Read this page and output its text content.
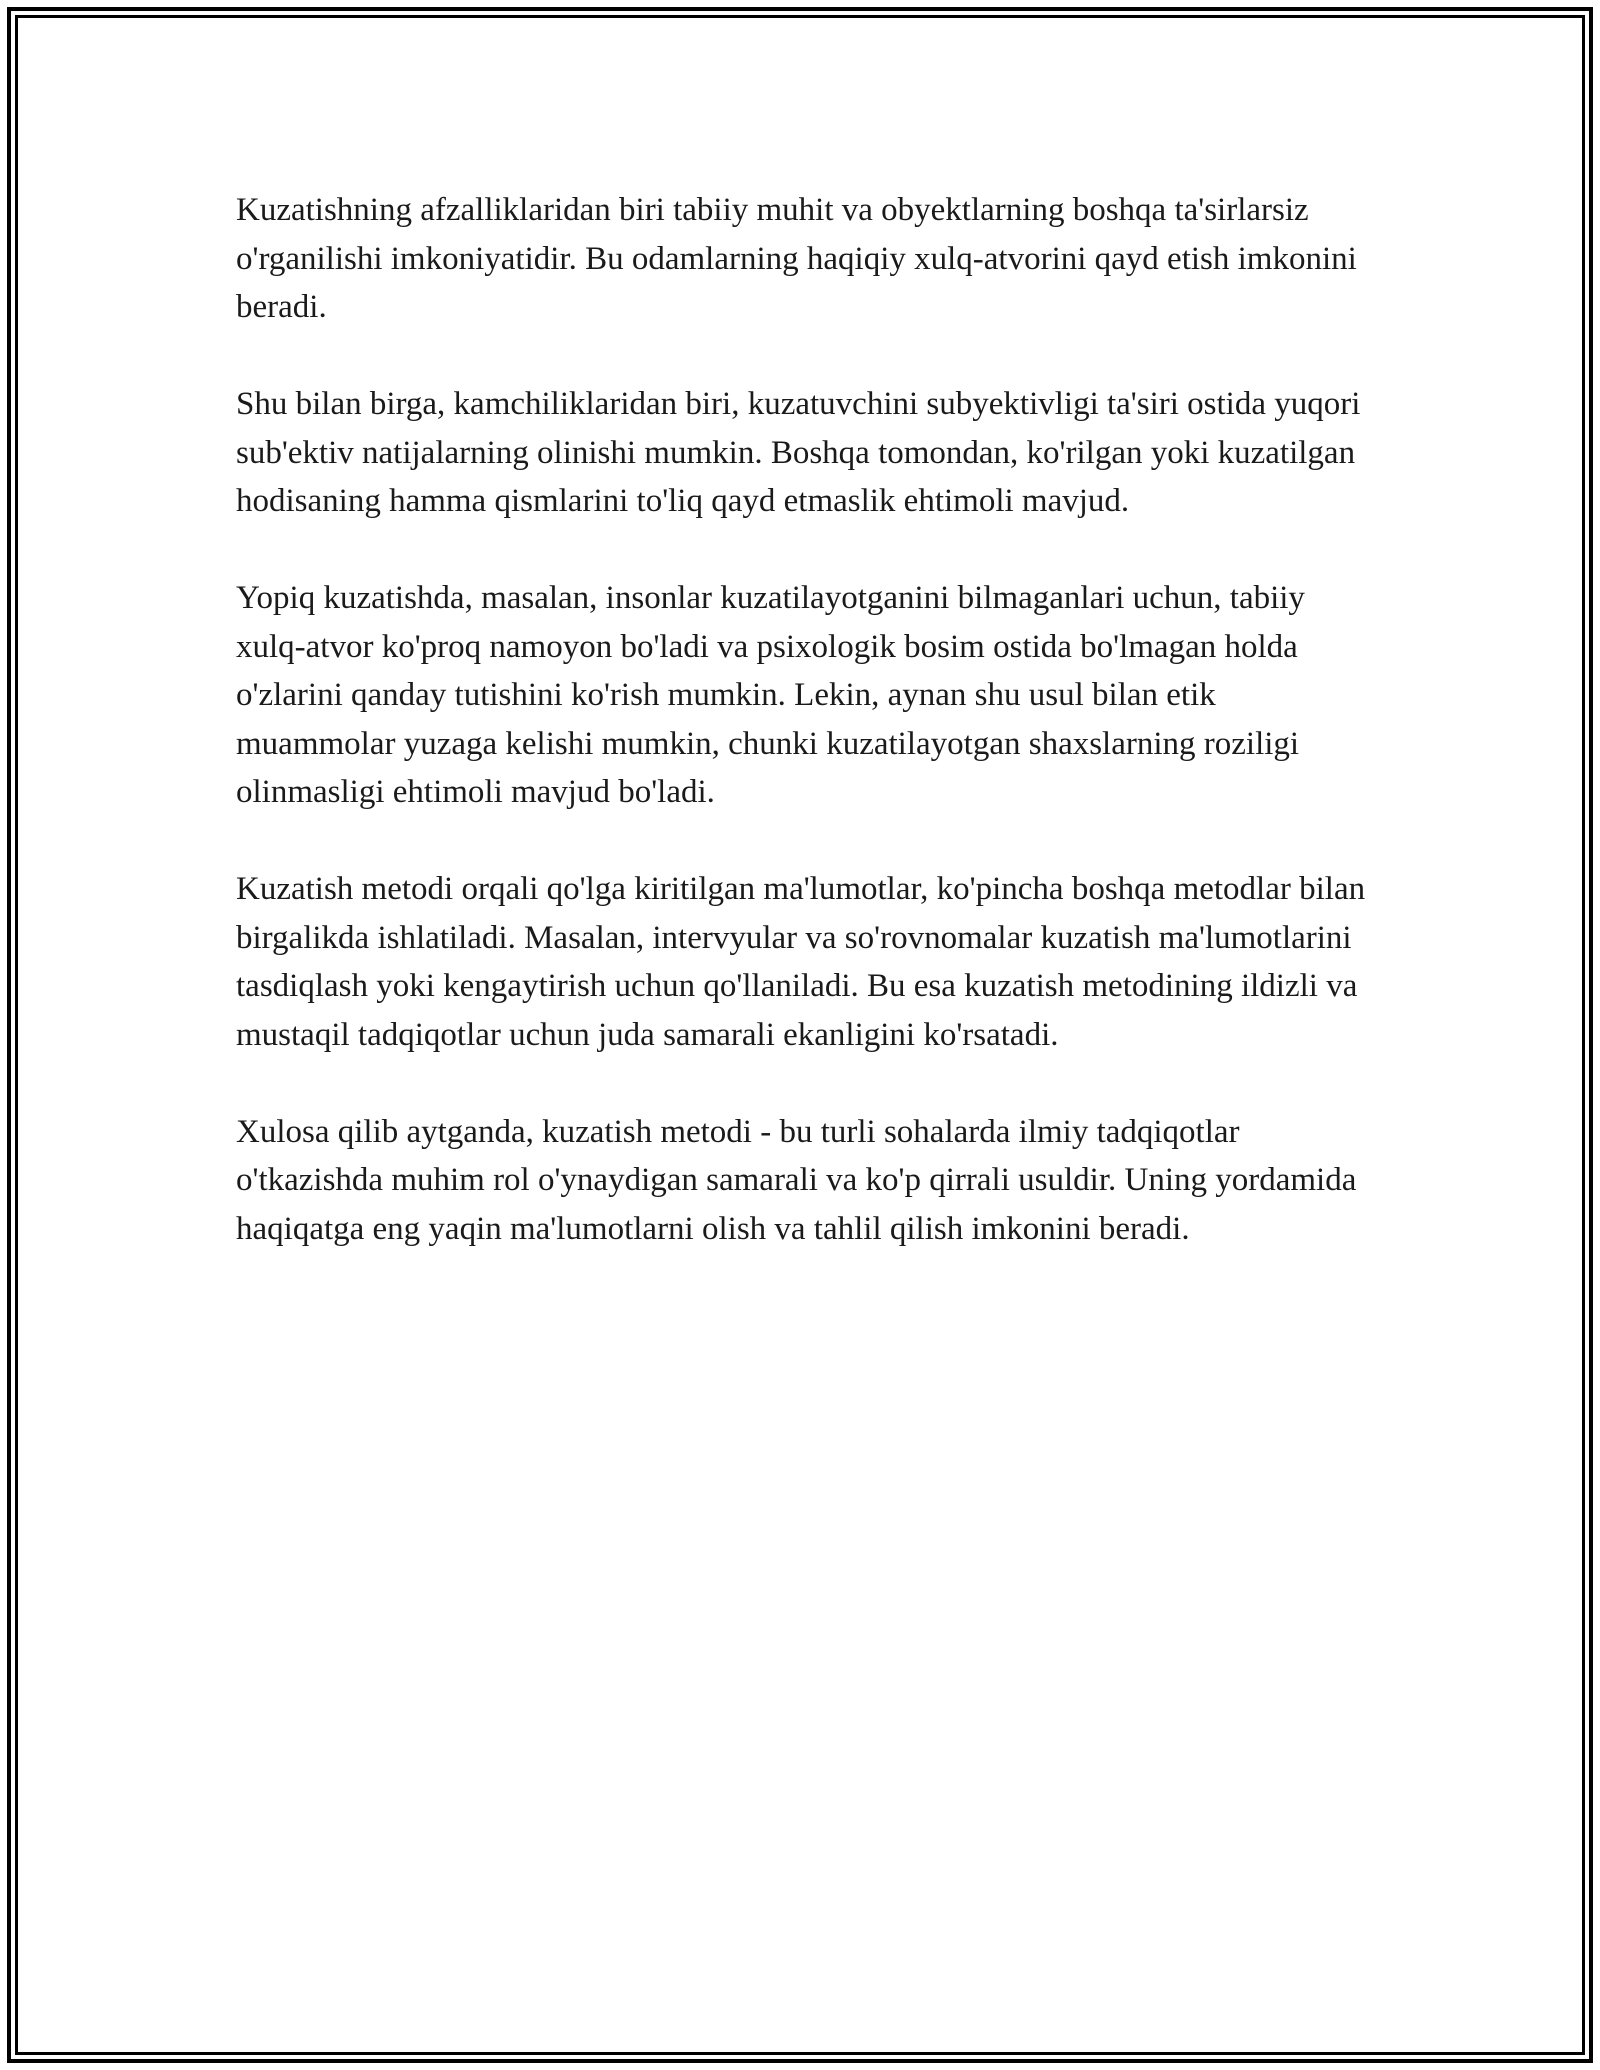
Kuzatishning afzalliklaridan biri tabiiy muhit va obyektlarning boshqa ta'sirlarsiz o'rganilishi imkoniyatidir. Bu odamlarning haqiqiy xulq-atvorini qayd etish imkonini beradi.

Shu bilan birga, kamchiliklaridan biri, kuzatuvchini subyektivligi ta'siri ostida yuqori sub'ektiv natijalarning olinishi mumkin. Boshqa tomondan, ko'rilgan yoki kuzatilgan hodisaning hamma qismlarini to'liq qayd etmaslik ehtimoli mavjud.

Yopiq kuzatishda, masalan, insonlar kuzatilayotganini bilmaganlari uchun, tabiiy xulq-atvor ko'proq namoyon bo'ladi va psixologik bosim ostida bo'lmagan holda o'zlarini qanday tutishini ko'rish mumkin. Lekin, aynan shu usul bilan etik muammolar yuzaga kelishi mumkin, chunki kuzatilayotgan shaxslarning roziligi olinmasligi ehtimoli mavjud bo'ladi.

Kuzatish metodi orqali qo'lga kiritilgan ma'lumotlar, ko'pincha boshqa metodlar bilan birgalikda ishlatiladi. Masalan, intervyular va so'rovnomalar kuzatish ma'lumotlarini tasdiqlash yoki kengaytirish uchun qo'llaniladi. Bu esa kuzatish metodining ildizli va mustaqil tadqiqotlar uchun juda samarali ekanligini ko'rsatadi.

Xulosa qilib aytganda, kuzatish metodi - bu turli sohalarda ilmiy tadqiqotlar o'tkazishda muhim rol o'ynaydigan samarali va ko'p qirrali usuldir. Uning yordamida haqiqatga eng yaqin ma'lumotlarni olish va tahlil qilish imkonini beradi.
